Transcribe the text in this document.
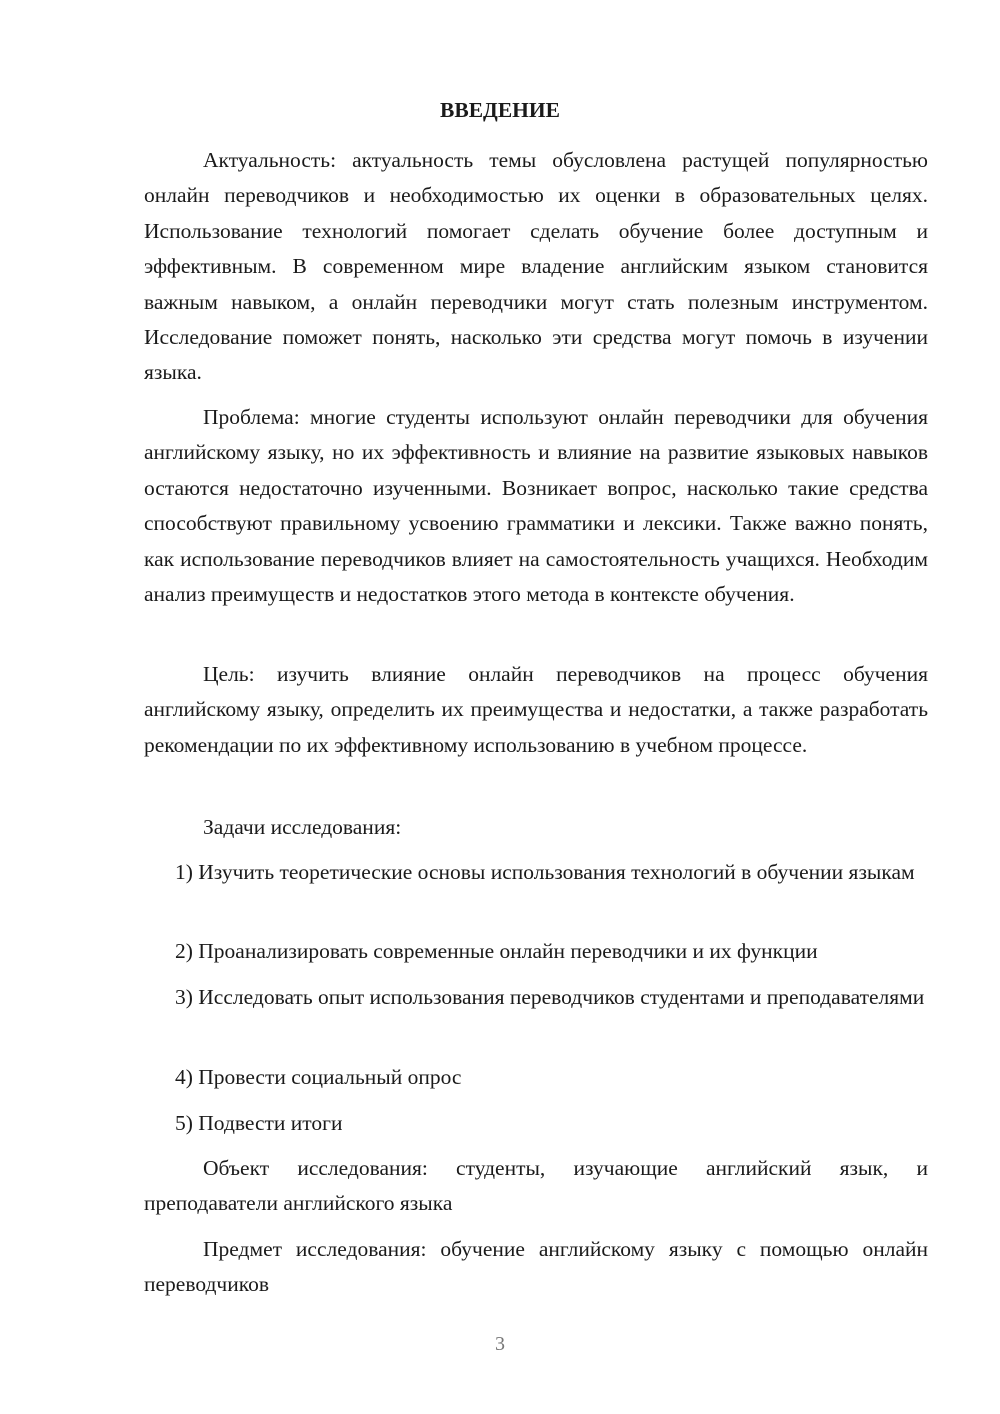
ВВЕДЕНИЕ

Актуальность: актуальность темы обусловлена растущей популярностью онлайн переводчиков и необходимостью их оценки в образовательных целях. Использование технологий помогает сделать обучение более доступным и эффективным. В современном мире владение английским языком становится важным навыком, а онлайн переводчики могут стать полезным инструментом. Исследование поможет понять, насколько эти средства могут помочь в изучении языка.

Проблема: многие студенты используют онлайн переводчики для обучения английскому языку, но их эффективность и влияние на развитие языковых навыков остаются недостаточно изученными. Возникает вопрос, насколько такие средства способствуют правильному усвоению грамматики и лексики. Также важно понять, как использование переводчиков влияет на самостоятельность учащихся. Необходим анализ преимуществ и недостатков этого метода в контексте обучения.

Цель: изучить влияние онлайн переводчиков на процесс обучения английскому языку, определить их преимущества и недостатки, а также разработать рекомендации по их эффективному использованию в учебном процессе.

Задачи исследования:

1) Изучить теоретические основы использования технологий в обучении языкам

2) Проанализировать современные онлайн переводчики и их функции

3) Исследовать опыт использования переводчиков студентами и преподавателями

4) Провести социальный опрос

5) Подвести итоги

Объект исследования: студенты, изучающие английский язык, и преподаватели английского языка

Предмет исследования: обучение английскому языку с помощью онлайн переводчиков

3
